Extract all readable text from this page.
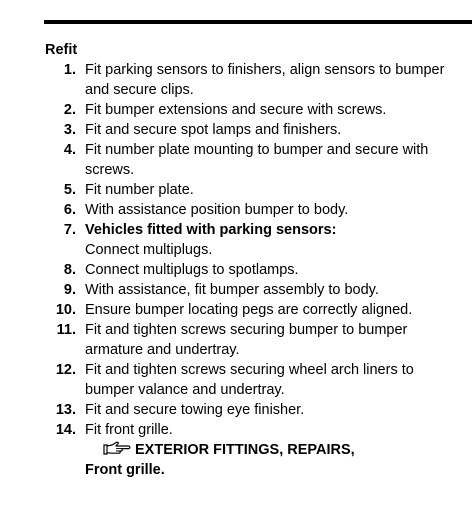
Refit
1. Fit parking sensors to finishers, align sensors to bumper and secure clips.
2. Fit bumper extensions and secure with screws.
3. Fit and secure spot lamps and finishers.
4. Fit number plate mounting to bumper and secure with screws.
5. Fit number plate.
6. With assistance position bumper to body.
7. Vehicles fitted with parking sensors:
Connect multiplugs.
8. Connect multiplugs to spotlamps.
9. With assistance, fit bumper assembly to body.
10. Ensure bumper locating pegs are correctly aligned.
11. Fit and tighten screws securing bumper to bumper armature and undertray.
12. Fit and tighten screws securing wheel arch liners to bumper valance and undertray.
13. Fit and secure towing eye finisher.
14. Fit front grille.

EXTERIOR FITTINGS, REPAIRS,
Front grille.
